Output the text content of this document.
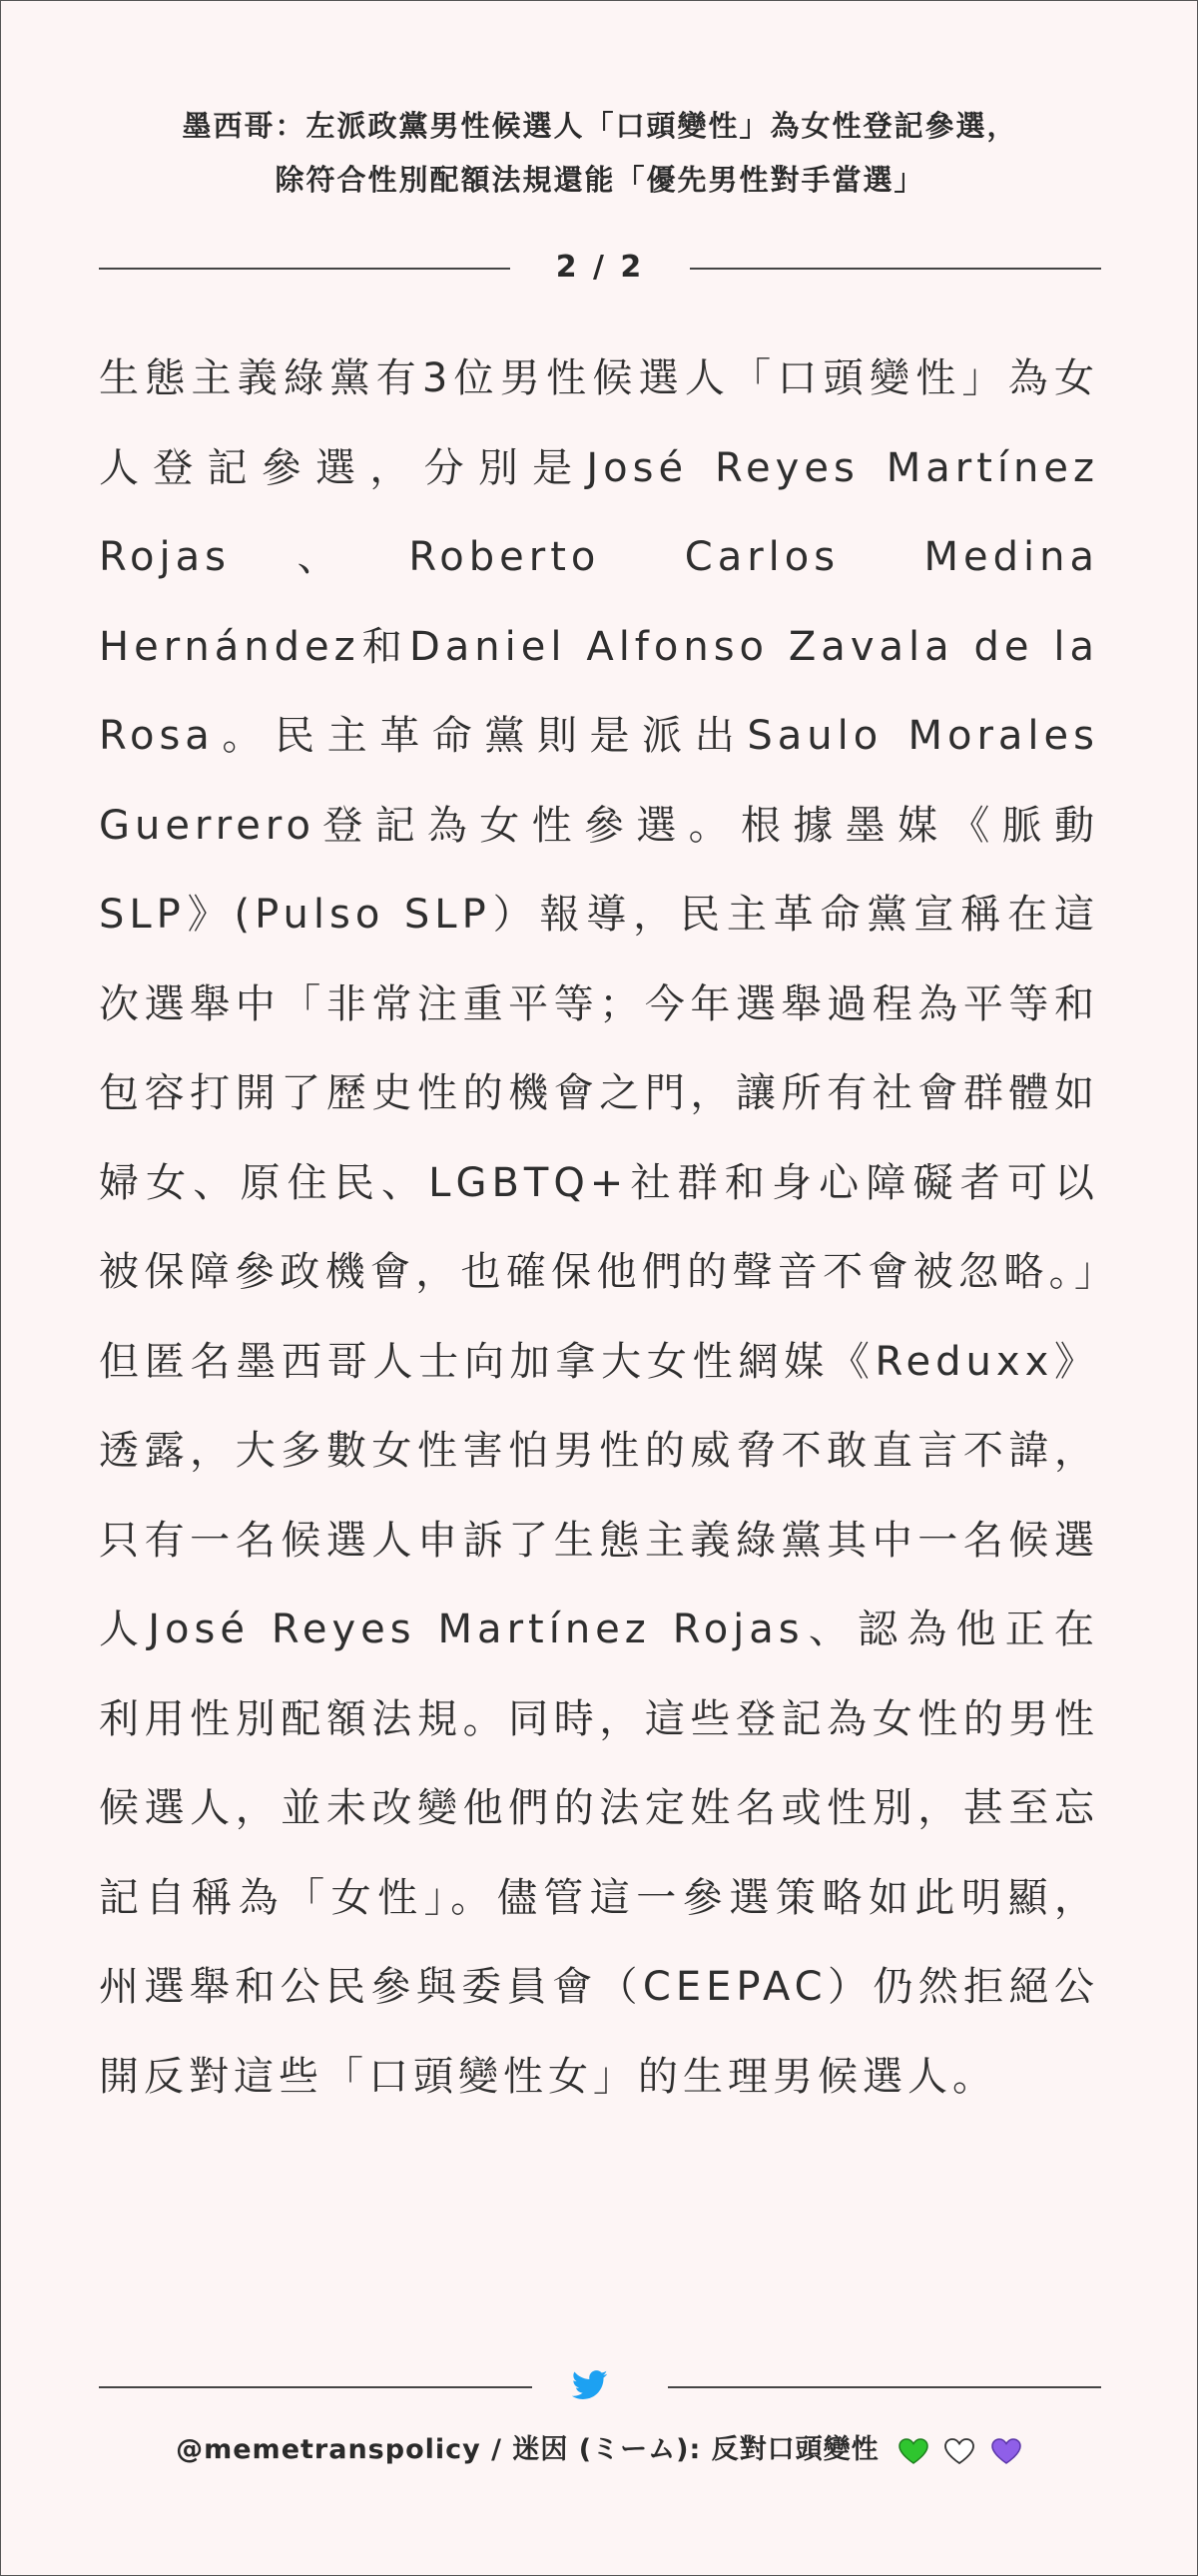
墨西哥：左派政黨男性候選人「口頭變性」為女性登記參選，
除符合性別配額法規還能「優先男性對手當選」
2 / 2

生態主義綠黨有3位男性候選人「口頭變性」為女人登記參選，分別是José Reyes Martínez Rojas、Roberto Carlos Medina Hernández和Daniel Alfonso Zavala de la Rosa。民主革命黨則是派出Saulo Morales Guerrero登記為女性參選。根據墨媒《脈動SLP》(Pulso SLP）報導，民主革命黨宣稱在這次選舉中「非常注重平等；今年選舉過程為平等和包容打開了歷史性的機會之門，讓所有社會群體如婦女、原住民、LGBTQ+社群和身心障礙者可以被保障參政機會，也確保他們的聲音不會被忽略。」但匿名墨西哥人士向加拿大女性網媒《Reduxx》透露，大多數女性害怕男性的威脅不敢直言不諱，只有一名候選人申訴了生態主義綠黨其中一名候選人José Reyes Martínez Rojas、認為他正在利用性別配額法規。同時，這些登記為女性的男性候選人，並未改變他們的法定姓名或性別，甚至忘記自稱為「女性」。儘管這一參選策略如此明顯，州選舉和公民參與委員會（CEEPAC）仍然拒絕公開反對這些「口頭變性女」的生理男候選人。

@memetranspolicy / 迷因 (ミーム): 反對口頭變性
